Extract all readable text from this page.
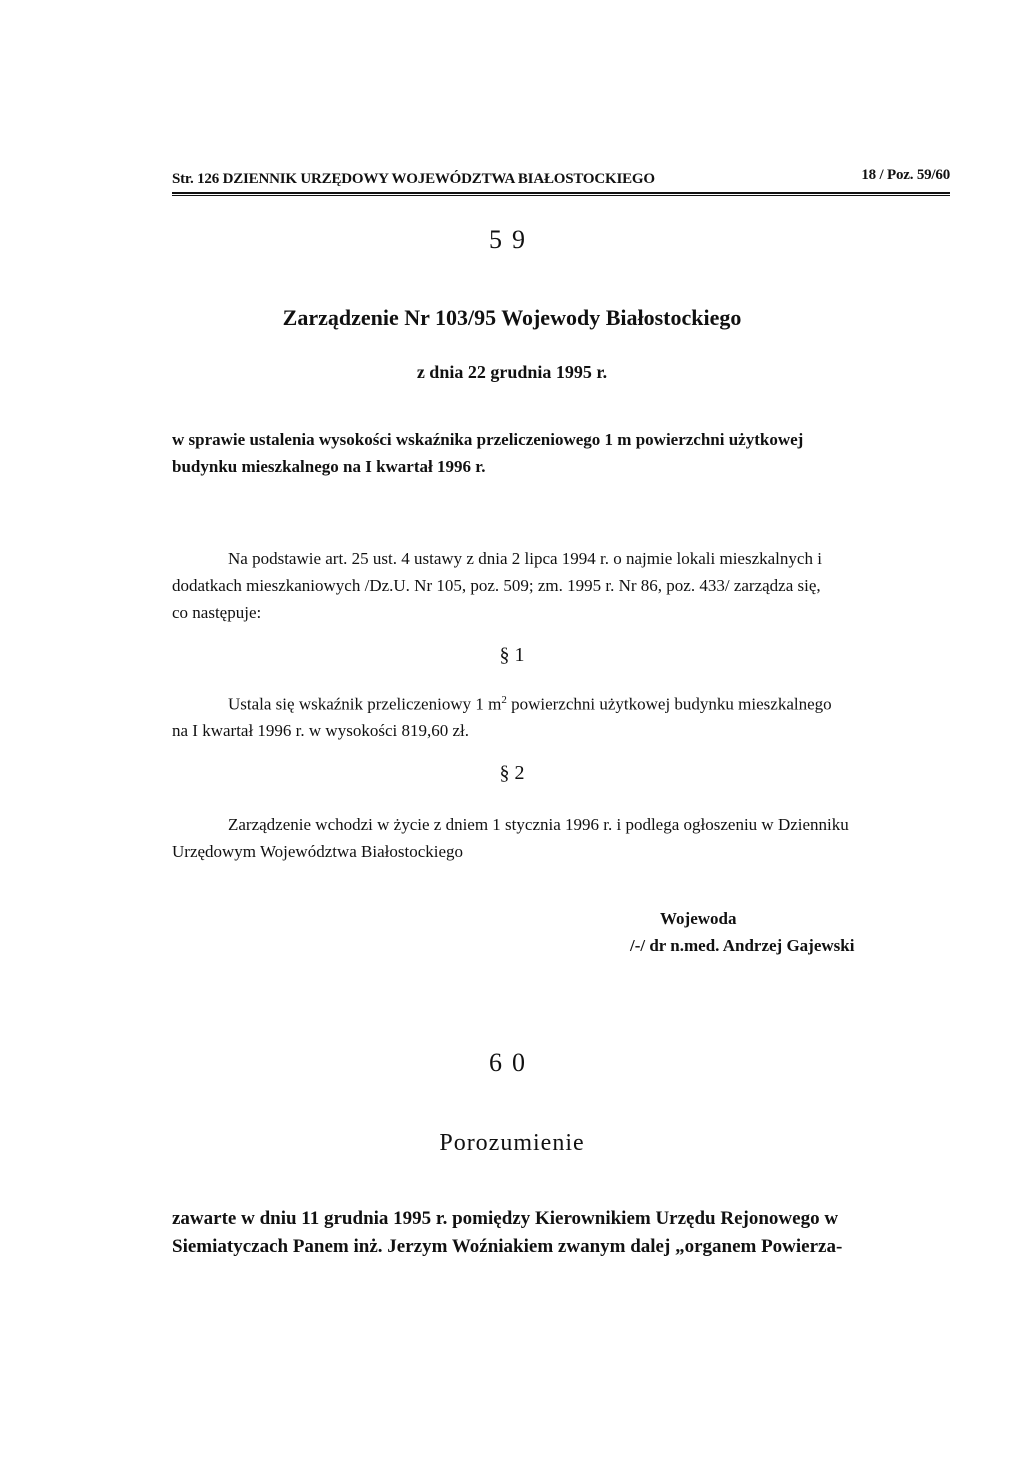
Str. 126 DZIENNIK URZĘDOWY WOJEWÓDZTWA BIAŁOSTOCKIEGO	18 / Poz. 59/60
59
Zarządzenie Nr 103/95 Wojewody Białostockiego
z dnia 22 grudnia 1995 r.
w sprawie ustalenia wysokości wskaźnika przeliczeniowego 1 m powierzchni użytkowej
budynku mieszkalnego na I kwartał 1996 r.
Na podstawie art. 25 ust. 4 ustawy z dnia 2 lipca 1994 r. o najmie lokali mieszkalnych i
dodatkach mieszkaniowych /Dz.U. Nr 105, poz. 509; zm. 1995 r. Nr 86, poz. 433/ zarządza się,
co następuje:
§ 1
Ustala się wskaźnik przeliczeniowy 1 $m^2$ powierzchni użytkowej budynku mieszkalnego
na I kwartał 1996 r. w wysokości 819,60 zł.
§ 2
Zarządzenie wchodzi w życie z dniem 1 stycznia 1996 r. i podlega ogłoszeniu w Dzienniku
Urzędowym Województwa Białostockiego
Wojewoda
/-/ dr n.med. Andrzej Gajewski
60
Porozumienie
zawarte w dniu 11 grudnia 1995 r. pomiędzy Kierownikiem Urzędu Rejonowego w
Siemiatyczach Panem inż. Jerzym Woźniakiem zwanym dalej „organem Powierza-
